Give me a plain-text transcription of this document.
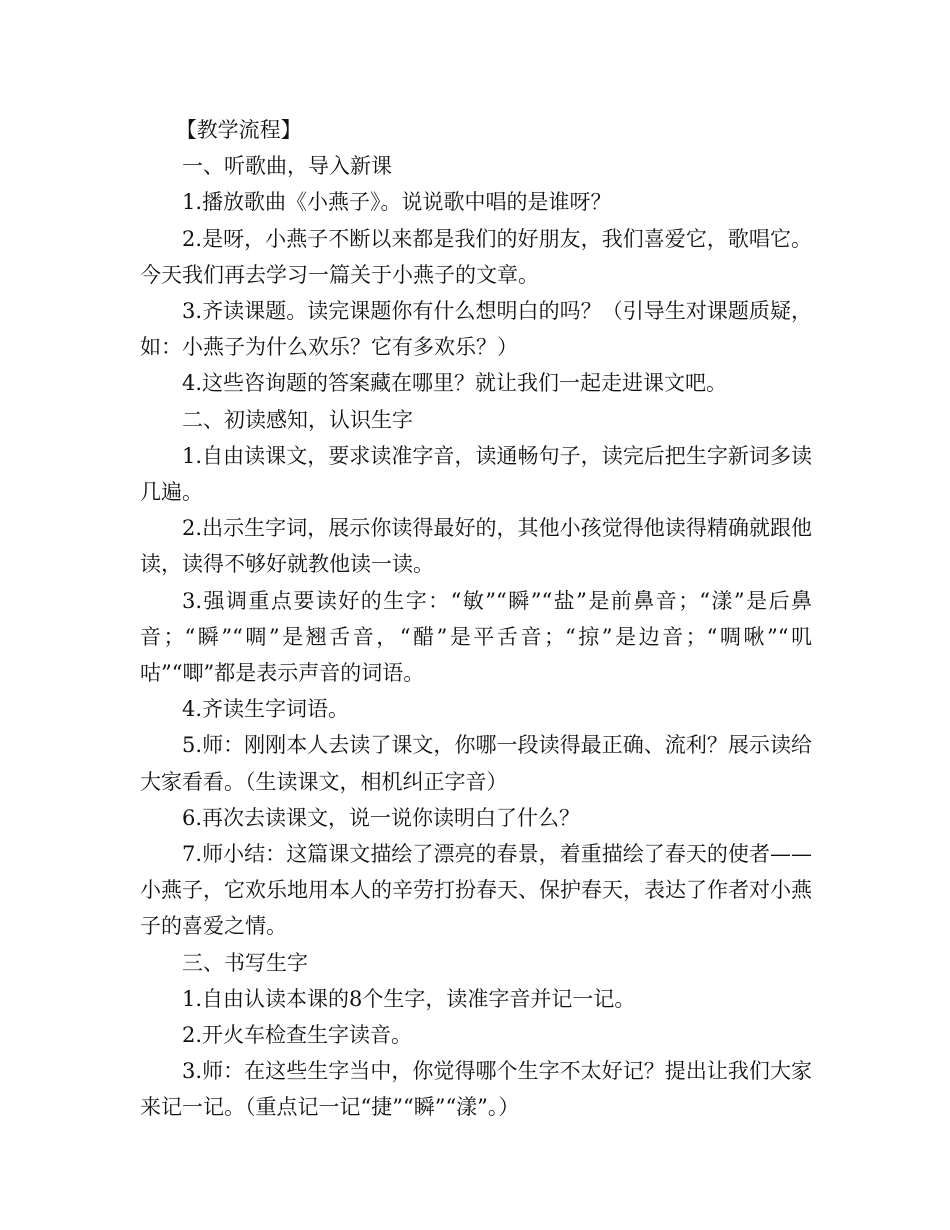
【教学流程】

一、听歌曲，导入新课

1.播放歌曲《小燕子》。说说歌中唱的是谁呀？

2.是呀，小燕子不断以来都是我们的好朋友，我们喜爱它，歌唱它。今天我们再去学习一篇关于小燕子的文章。

3.齐读课题。读完课题你有什么想明白的吗？（引导生对课题质疑，如：小燕子为什么欢乐？它有多欢乐？）

4.这些咨询题的答案藏在哪里？就让我们一起走进课文吧。

二、初读感知，认识生字

1.自由读课文，要求读准字音，读通畅句子，读完后把生字新词多读几遍。

2.出示生字词，展示你读得最好的，其他小孩觉得他读得精确就跟他读，读得不够好就教他读一读。

3.强调重点要读好的生字：“敏”“瞬”“盐”是前鼻音；“漾”是后鼻音；“瞬”“啁”是翘舌音，“醋”是平舌音；“掠”是边音；“啁啾”“叽咕”“唧”都是表示声音的词语。

4.齐读生字词语。

5.师：刚刚本人去读了课文，你哪一段读得最正确、流利？展示读给大家看看。（生读课文，相机纠正字音）

6.再次去读课文，说一说你读明白了什么？

7.师小结：这篇课文描绘了漂亮的春景，着重描绘了春天的使者——小燕子，它欢乐地用本人的辛劳打扮春天、保护春天，表达了作者对小燕子的喜爱之情。

三、书写生字

1.自由认读本课的8个生字，读准字音并记一记。

2.开火车检查生字读音。

3.师：在这些生字当中，你觉得哪个生字不太好记？提出让我们大家来记一记。（重点记一记“捷”“瞬”“漾”。）
